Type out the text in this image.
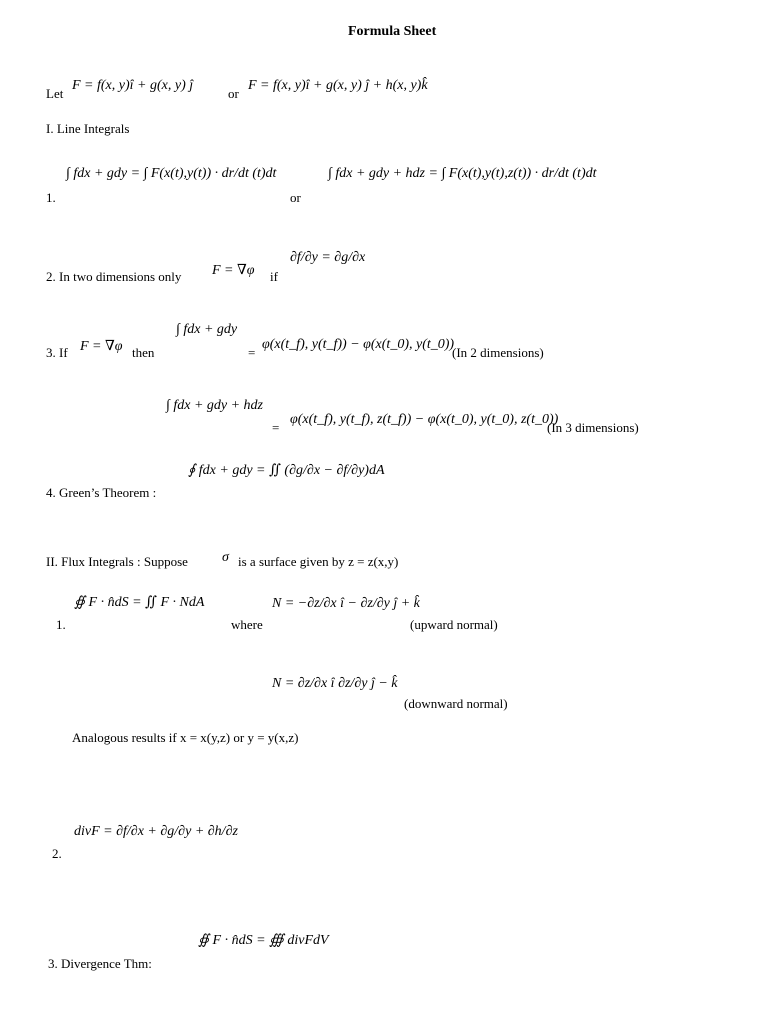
Formula Sheet
Let
F = f(x, y)î + g(x, y) ĵ
or
F = f(x, y)î + g(x, y) ĵ + h(x, y)k̂
I. Line Integrals
1.
∫ fdx + gdy = ∫ F(x(t),y(t)) · dr/dt (t)dt
or
∫ fdx + gdy + hdz = ∫ F(x(t),y(t),z(t)) · dr/dt (t)dt
2. In two dimensions only F = ∇φ if
∂f/∂y = ∂g/∂x
3. If F = ∇φ then
∫ fdx + gdy
=
φ(x(t_f), y(t_f)) − φ(x(t_0), y(t_0))
(In 2 dimensions)
∫ fdx + gdy + hdz
=
φ(x(t_f), y(t_f), z(t_f)) − φ(x(t_0), y(t_0), z(t_0))
(In 3 dimensions)
4. Green’s Theorem :
∮ fdx + gdy = ∬ (∂g/∂x − ∂f/∂y)dA
II. Flux Integrals : Suppose σ is a surface given by z = z(x,y)
1.
∯ F · n̂dS = ∬ F · NdA
where
N = −∂z/∂x î − ∂z/∂y ĵ + k̂
(upward normal)
N = ∂z/∂x î ∂z/∂y ĵ − k̂
(downward normal)
Analogous results if x = x(y,z) or y = y(x,z)
divF = ∂f/∂x + ∂g/∂y + ∂h/∂z
2.
∯ F · n̂dS = ∰ divFdV
3. Divergence Thm:
